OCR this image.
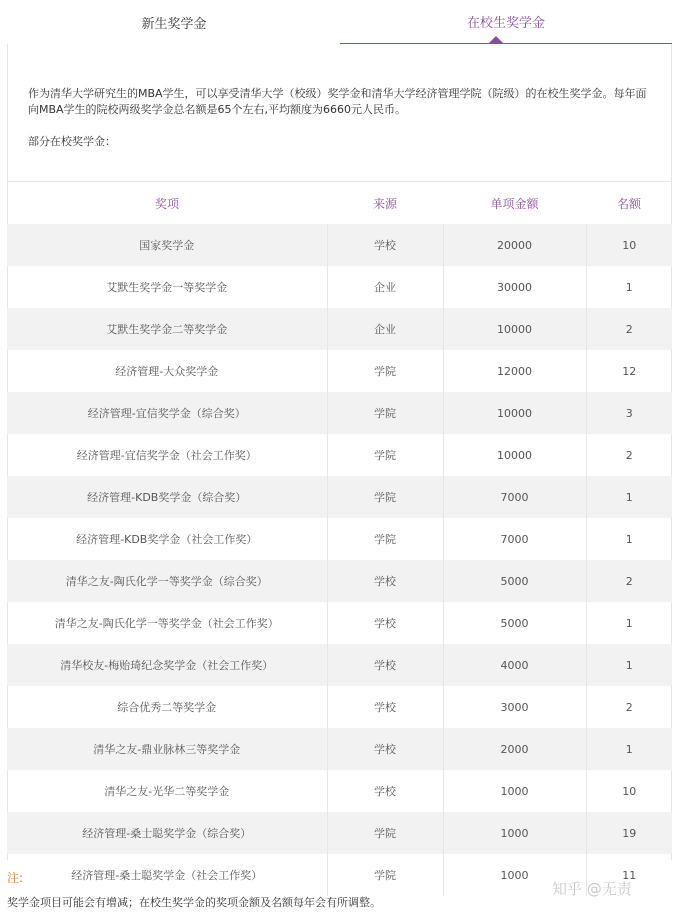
新生奖学金	在校生奖学金
作为清华大学研究生的MBA学生，可以享受清华大学（校级）奖学金和清华大学经济管理学院（院级）的在校生奖学金。每年面向MBA学生的院校两级奖学金总名额是65个左右,平均额度为6660元人民币。
部分在校奖学金：
奖项	来源	单项金额	名额
国家奖学金	学校	20000	10
艾默生奖学金一等奖学金	企业	30000	1
艾默生奖学金二等奖学金	企业	10000	2
经济管理-大众奖学金	学院	12000	12
经济管理-宜信奖学金（综合奖）	学院	10000	3
经济管理-宜信奖学金（社会工作奖）	学院	10000	2
经济管理-KDB奖学金（综合奖）	学院	7000	1
经济管理-KDB奖学金（社会工作奖）	学院	7000	1
清华之友-陶氏化学一等奖学金（综合奖）	学校	5000	2
清华之友-陶氏化学一等奖学金（社会工作奖）	学校	5000	1
清华校友-梅贻琦纪念奖学金（社会工作奖）	学校	4000	1
综合优秀二等奖学金	学校	3000	2
清华之友-鼎业脉林三等奖学金	学校	2000	1
清华之友-光华二等奖学金	学校	1000	10
经济管理-桑士聪奖学金（综合奖）	学院	1000	19
经济管理-桑士聪奖学金（社会工作奖）	学院	1000	11
注:
奖学金项目可能会有增减；在校生奖学金的奖项金额及名额每年会有所调整。
知乎 @无责
